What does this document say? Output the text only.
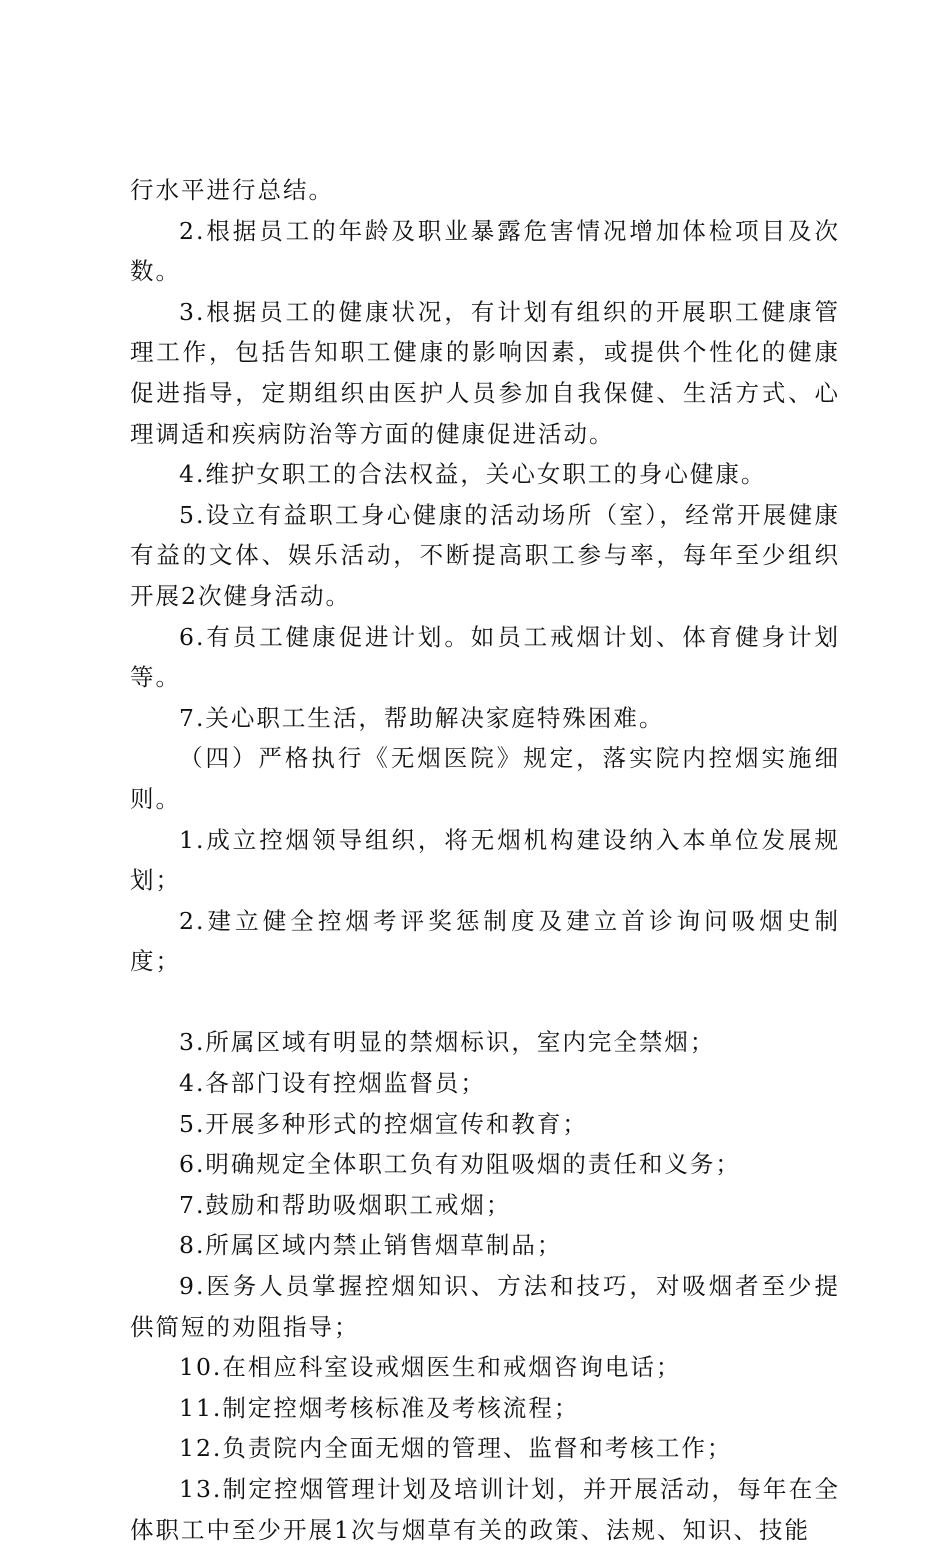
行水平进行总结。

2.根据员工的年龄及职业暴露危害情况增加体检项目及次数。

3.根据员工的健康状况，有计划有组织的开展职工健康管理工作，包括告知职工健康的影响因素，或提供个性化的健康促进指导，定期组织由医护人员参加自我保健、生活方式、心理调适和疾病防治等方面的健康促进活动。

4.维护女职工的合法权益，关心女职工的身心健康。

5.设立有益职工身心健康的活动场所（室），经常开展健康有益的文体、娱乐活动，不断提高职工参与率，每年至少组织开展2次健身活动。

6.有员工健康促进计划。如员工戒烟计划、体育健身计划等。

7.关心职工生活，帮助解决家庭特殊困难。

（四）严格执行《无烟医院》规定，落实院内控烟实施细则。

1.成立控烟领导组织，将无烟机构建设纳入本单位发展规划；

2.建立健全控烟考评奖惩制度及建立首诊询问吸烟史制度；

3.所属区域有明显的禁烟标识，室内完全禁烟；

4.各部门设有控烟监督员；

5.开展多种形式的控烟宣传和教育；

6.明确规定全体职工负有劝阻吸烟的责任和义务；

7.鼓励和帮助吸烟职工戒烟；

8.所属区域内禁止销售烟草制品；

9.医务人员掌握控烟知识、方法和技巧，对吸烟者至少提供简短的劝阻指导；

10.在相应科室设戒烟医生和戒烟咨询电话；

11.制定控烟考核标准及考核流程；

12.负责院内全面无烟的管理、监督和考核工作；

13.制定控烟管理计划及培训计划，并开展活动，每年在全体职工中至少开展1次与烟草有关的政策、法规、知识、技能
